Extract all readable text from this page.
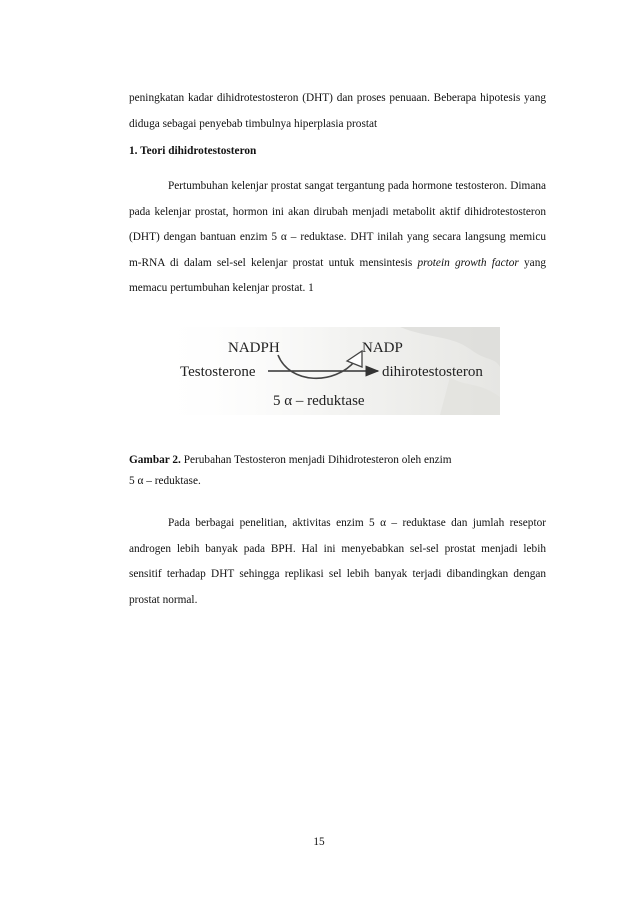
peningkatan kadar dihidrotestosteron (DHT) dan proses penuaan. Beberapa hipotesis yang diduga sebagai penyebab timbulnya hiperplasia prostat
1. Teori dihidrotestosteron
Pertumbuhan kelenjar prostat sangat tergantung pada hormone testosteron. Dimana pada kelenjar prostat, hormon ini akan dirubah menjadi metabolit aktif dihidrotestosteron (DHT) dengan bantuan enzim 5 α – reduktase. DHT inilah yang secara langsung memicu m-RNA di dalam sel-sel kelenjar prostat untuk mensintesis protein growth factor yang memacu pertumbuhan kelenjar prostat. 1
NADPH	NADP
Testosterone	dihirotestosteron
5 α – reduktase
Gambar 2. Perubahan Testosteron menjadi Dihidrotesteron oleh enzim
5 α – reduktase.
Pada berbagai penelitian, aktivitas enzim 5 α – reduktase dan jumlah reseptor androgen lebih banyak pada BPH. Hal ini menyebabkan sel-sel prostat menjadi lebih sensitif terhadap DHT sehingga replikasi sel lebih banyak terjadi dibandingkan dengan prostat normal.
15
